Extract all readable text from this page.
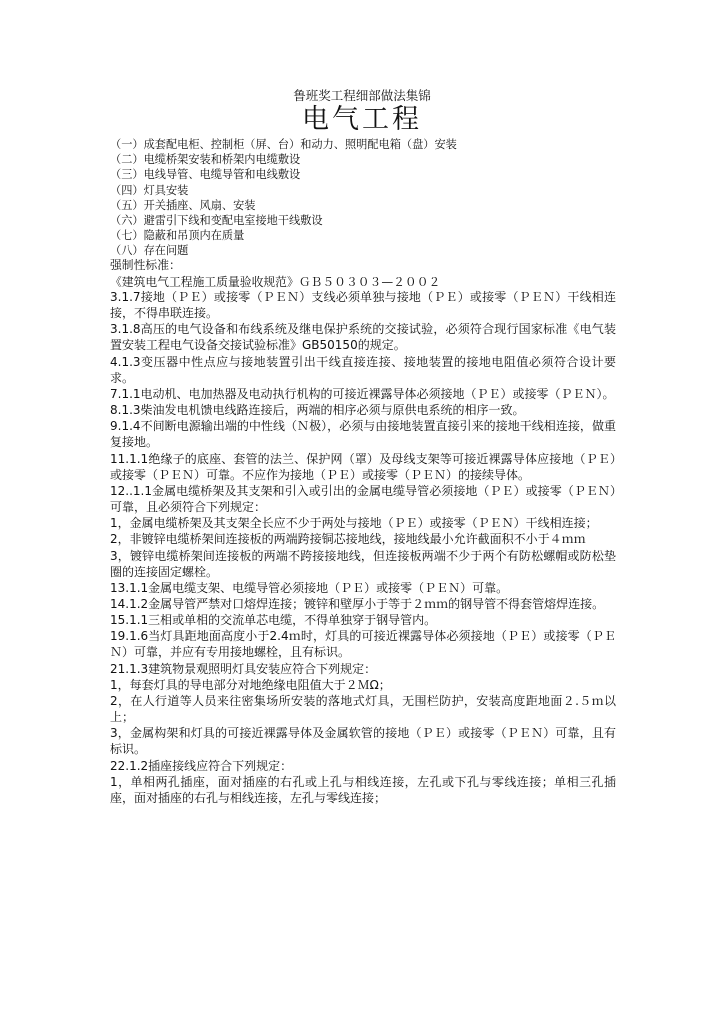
鲁班奖工程细部做法集锦
电气工程
（一）成套配电柜、控制柜（屏、台）和动力、照明配电箱（盘）安装
（二）电缆桥架安装和桥架内电缆敷设
（三）电线导管、电缆导管和电线敷设
（四）灯具安装
（五）开关插座、风扇、安装
（六）避雷引下线和变配电室接地干线敷设
（七）隐蔽和吊顶内在质量
（八）存在问题
强制性标准：
《建筑电气工程施工质量验收规范》ＧＢ５０３０３—２００２

3.1.7接地（ＰＥ）或接零（ＰＥＮ）支线必须单独与接地（ＰＥ）或接零（ＰＥＮ）干线相连接，不得串联连接。

3.1.8高压的电气设备和布线系统及继电保护系统的交接试验，必须符合现行国家标准《电气装置安装工程电气设备交接试验标准》GB50150的规定。

4.1.3变压器中性点应与接地装置引出干线直接连接、接地装置的接地电阻值必须符合设计要求。

7.1.1电动机、电加热器及电动执行机构的可接近裸露导体必须接地（ＰＥ）或接零（ＰＥＮ）。

8.1.3柴油发电机馈电线路连接后，两端的相序必须与原供电系统的相序一致。

9.1.4不间断电源输出端的中性线（Ｎ极），必须与由接地装置直接引来的接地干线相连接，做重复接地。

11.1.1绝缘子的底座、套管的法兰、保护网（罩）及母线支架等可接近裸露导体应接地（ＰＥ）或接零（ＰＥＮ）可靠。不应作为接地（ＰＥ）或接零（ＰＥＮ）的接续导体。

12..1.1金属电缆桥架及其支架和引入或引出的金属电缆导管必须接地（ＰＥ）或接零（ＰＥＮ）可靠，且必须符合下列规定：

1，金属电缆桥架及其支架全长应不少于两处与接地（ＰＥ）或接零（ＰＥＮ）干线相连接；

2，非镀锌电缆桥架间连接板的两端跨接铜芯接地线，接地线最小允许截面积不小于４ｍｍ

3，镀锌电缆桥架间连接板的两端不跨接接地线，但连接板两端不少于两个有防松螺帽或防松垫圈的连接固定螺栓。

13.1.1金属电缆支架、电缆导管必须接地（ＰＥ）或接零（ＰＥＮ）可靠。

14.1.2金属导管严禁对口熔焊连接；镀锌和壁厚小于等于２ｍｍ的钢导管不得套管熔焊连接。

15.1.1三相或单相的交流单芯电缆，不得单独穿于钢导管内。

19.1.6当灯具距地面高度小于2.4ｍ时，灯具的可接近裸露导体必须接地（ＰＥ）或接零（ＰＥＮ）可靠，并应有专用接地螺栓，且有标识。

21.1.3建筑物景观照明灯具安装应符合下列规定：

1，每套灯具的导电部分对地绝缘电阻值大于２ＭΩ；

2，在人行道等人员来往密集场所安装的落地式灯具，无围栏防护，安装高度距地面２.５ｍ以上；

3，金属构架和灯具的可接近裸露导体及金属软管的接地（ＰＥ）或接零（ＰＥＮ）可靠，且有标识。

22.1.2插座接线应符合下列规定：

1，单相两孔插座，面对插座的右孔或上孔与相线连接，左孔或下孔与零线连接；单相三孔插座，面对插座的右孔与相线连接，左孔与零线连接；
